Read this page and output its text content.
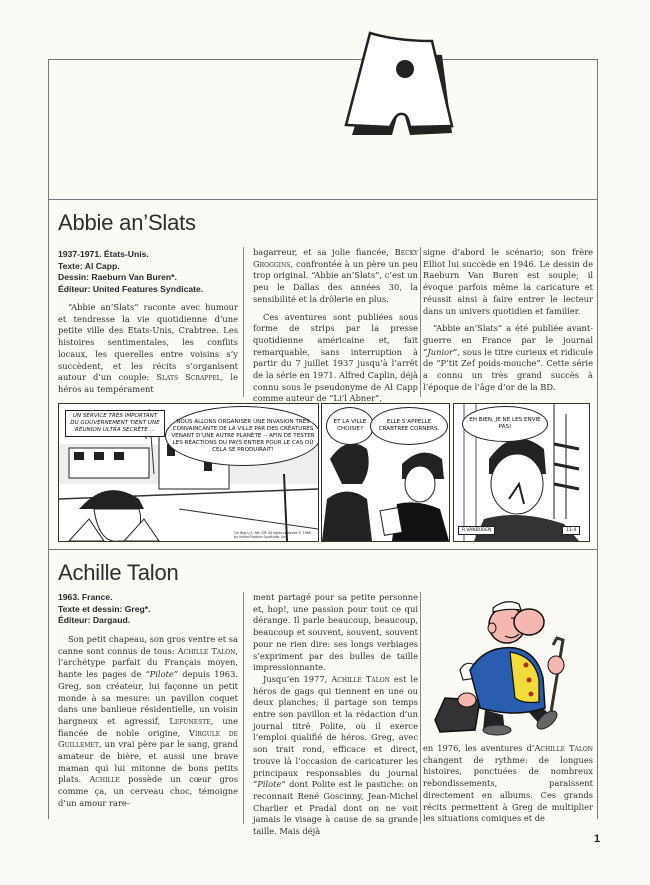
Abbie an’Slats
1937-1971. États-Unis.
Texte: Al Capp.
Dessin: Raeburn Van Buren*.
Éditeur: United Features Syndicate.

“Abbie an’Slats” raconte avec humour et tendresse la vie quotidienne d’une petite ville des Etats-Unis, Crabtree. Les histoires sentimentales, les conflits locaux, les querelles entre voisins s’y succèdent, et les récits s’organisent autour d’un couple: Slats Scrappel, le héros au tempérament

bagarreur, et sa jolie fiancée, Becky Groggins, confrontée à un père un peu trop original. “Abbie an’Slats”, c’est un peu le Dallas des années 30, la sensibilité et la drôlerie en plus.

Ces aventures sont publiées sous forme de strips par la presse quotidienne américaine et, fait remarquable, sans interruption à partir du 7 juillet 1937 jusqu’à l’arrêt de la série en 1971. Alfred Caplin, déjà connu sous le pseudonyme de Al Capp comme auteur de “Li’l Abner”,

signe d’abord le scénario; son frère Elliot lui succède en 1946. Le dessin de Raeburn Van Buren est souple; il évoque parfois même la caricature et réussit ainsi à faire entrer le lecteur dans un univers quotidien et familier.

“Abbie an’Slats” a été publiée avant-guerre en France par le journal “Junior”, sous le titre curieux et ridicule de “P’tit Zef poids-mouche”. Cette série a connu un très grand succès à l’époque de l’âge d’or de la BD.

UN SERVICE TRÈS IMPORTANT DU GOUVERNEMENT TIENT UNE RÉUNION ULTRA SECRÈTE ...
NOUS ALLONS ORGANISER UNE INVASION TRÈS CONVAINCANTE DE LA VILLE PAR DES CRÉATURES VENANT D’UNE AUTRE PLANÈTE -- AFIN DE TESTER LES RÉACTIONS DU PAYS ENTIER POUR LE CAS OÙ CELA SE PRODUIRAIT!
Tm Reg U.S. Pat. Off. All rights reserved © 1968 by United Feature Syndicate, Inc.
ET LA VILLE CHOISIE?
ELLE S’APPELLE CRABTREE CORNERS.
EH BIEN, JE NE LES ENVIE PAS!
R.VANBUREN	11-4
Achille Talon
1963. France.
Texte et dessin: Greg*.
Éditeur: Dargaud.

Son petit chapeau, son gros ventre et sa canne sont connus de tous: Achille Talon, l’archétype parfait du Français moyen, hante les pages de “Pilote” depuis 1963. Greg, son créateur, lui façonne un petit monde à sa mesure: un pavillon coquet dans une banlieue résidentielle, un voisin hargneux et agressif, Lefuneste, une fiancée de noble origine, Virgule de Guillemet, un vrai père par le sang, grand amateur de bière, et aussi une brave maman qui lui mitonne de bons petits plats. Achille possède un cœur gros comme ça, un cerveau choc, témoigne d’un amour rare-

ment partagé pour sa petite personne et, hop!, une passion pour tout ce qui dérange. Il parle beaucoup, beaucoup, beaucoup et souvent, souvent, souvent pour ne rien dire: ses longs verbiages s’expriment par des bulles de taille impressionnante.

Jusqu’en 1977, Achille Talon est le héros de gags qui tiennent en une ou deux planches; il partage son temps entre son pavillon et la rédaction d’un journal titré Polite, où il exerce l’emploi qualifié de héros. Greg, avec son trait rond, efficace et direct, trouve là l’occasion de caricaturer les principaux responsables du journal “Pilote” dont Polite est le pastiche: on reconnait René Goscinny, Jean-Michel Charlier et Pradal dont on ne voit jamais le visage à cause de sa grande taille. Mais déjà

en 1976, les aventures d’Achille Talon changent de rythme: de longues histoires, ponctuées de nombreux rebondissements, paraissent directement en albums. Ces grands récits permettent à Greg de multiplier les situations comiques et de

1
